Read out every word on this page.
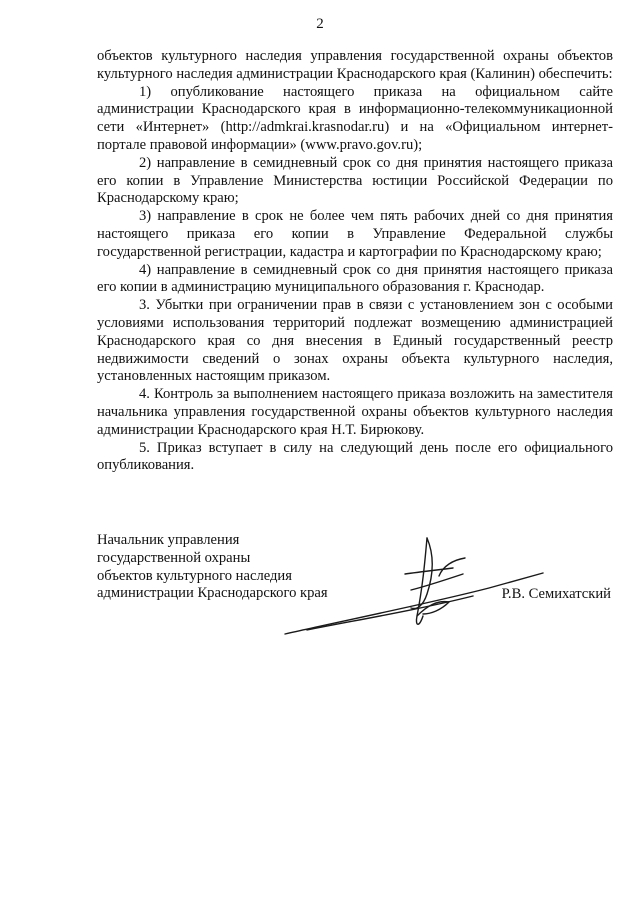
2

объектов культурного наследия управления государственной охраны объектов культурного наследия администрации Краснодарского края (Калинин) обеспечить:

1) опубликование настоящего приказа на официальном сайте администрации Краснодарского края в информационно-телекоммуникационной сети «Интернет» (http://admkrai.krasnodar.ru) и на «Официальном интернет-портале правовой информации» (www.pravo.gov.ru);

2) направление в семидневный срок со дня принятия настоящего приказа его копии в Управление Министерства юстиции Российской Федерации по Краснодарскому краю;

3) направление в срок не более чем пять рабочих дней со дня принятия настоящего приказа его копии в Управление Федеральной службы государственной регистрации, кадастра и картографии по Краснодарскому краю;

4) направление в семидневный срок со дня принятия настоящего приказа его копии в администрацию муниципального образования г. Краснодар.

3. Убытки при ограничении прав в связи с установлением зон с особыми условиями использования территорий подлежат возмещению администрацией Краснодарского края со дня внесения в Единый государственный реестр недвижимости сведений о зонах охраны объекта культурного наследия, установленных настоящим приказом.

4. Контроль за выполнением настоящего приказа возложить на заместителя начальника управления государственной охраны объектов культурного наследия администрации Краснодарского края Н.Т. Бирюкову.

5. Приказ вступает в силу на следующий день после его официального опубликования.

Начальник управления
государственной охраны
объектов культурного наследия
администрации Краснодарского края	Р.В. Семихатский
